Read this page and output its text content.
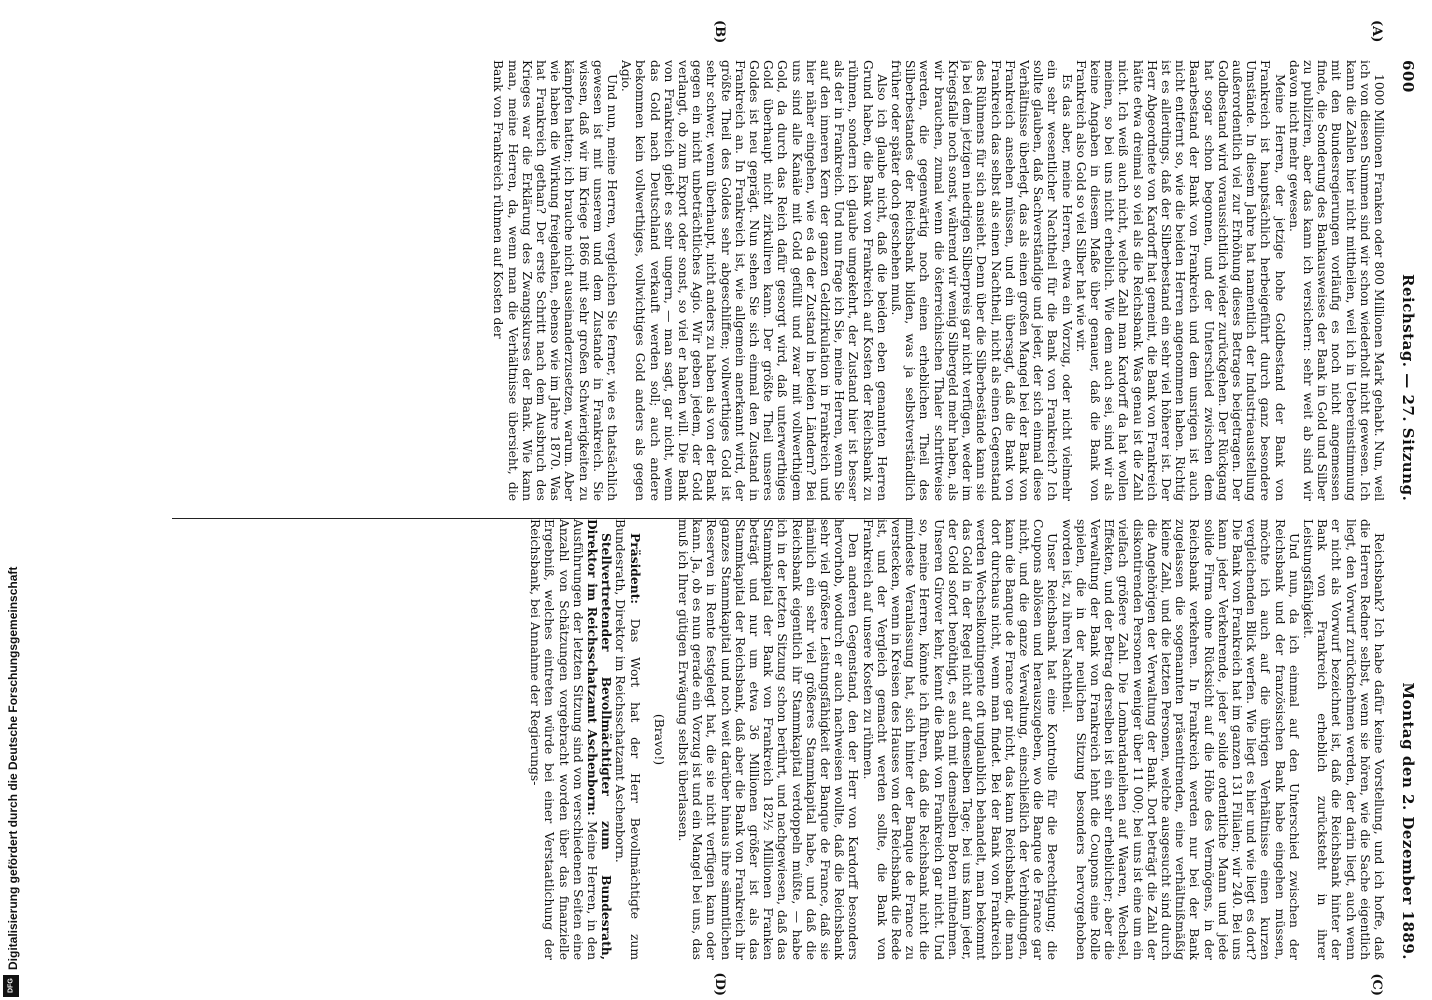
600
Reichstag. — 27. Sitzung.
Montag den 2. Dezember 1889.
(A)
(B)
(C)
(D)

1000 Millionen Franken oder 800 Millionen Mark gehabt. Nun, weil ich von diesen Summen sind wir schon wiederholt nicht gewesen. Ich kann die Zahlen hier nicht mittheilen, weil ich in Uebereinstimmung mit den Bundesregierungen vorläufig es noch nicht angemessen finde, die Sonderung des Bankausweises der Bank in Gold und Silber zu publiziren, aber das kann ich versichern: sehr weit ab sind wir davon nicht mehr gewesen.

Meine Herren, der jetzige hohe Goldbestand der Bank von Frankreich ist hauptsächlich herbeigeführt durch ganz besondere Umstände. In diesem Jahre hat namentlich der Industrieausstellung außerordentlich viel zur Erhöhung dieses Betrages beigetragen. Der Goldbestand wird voraussichtlich wieder zurückgehen. Der Rückgang hat sogar schon begonnen, und der Unterschied zwischen dem Baarbestand der Bank von Frankreich und dem unsrigen ist auch nicht entfernt so, wie die beiden Herren angenommen haben. Richtig ist es allerdings, daß der Silberbestand ein sehr viel höherer ist. Der Herr Abgeordnete von Kardorff hat gemeint, die Bank von Frankreich hätte etwa dreimal so viel als die Reichsbank. Was genau ist die Zahl nicht. Ich weiß auch nicht, welche Zahl man Kardorff da hat wollen meinen, so bei uns nicht erheblich. Wie dem auch sei, sind wir als keine Angaben in diesem Maße über genauer, daß die Bank von Frankreich also Gold so viel Silber hat wie wir.

Es das aber, meine Herren, etwa ein Vorzug, oder nicht vielmehr ein sehr wesentlicher Nachtheil für die Bank von Frankreich? Ich sollte glauben, daß Sachverständige und jeder, der sich einmal diese Verhältnisse überlegt, das als einen großen Mangel bei der Bank von Frankreich ansehen müssen, und ein übersagt, daß die Bank von Frankreich das selbst als einen Nachtheil, nicht als einen Gegenstand des Rühmens für sich ansieht. Denn über die Silberbestände kann sie ja bei dem jetzigen niedrigen Silberpreis gar nicht verfügen, weder im Kriegsfalle noch sonst, während wir wenig Silbergeld mehr haben, als wir brauchen, zumal wenn die österreichischen Thaler schrittweise werden, die gegenwärtig noch einen erheblichen Theil des Silberbestandes der Reichsbank bilden, was ja selbstverständlich früher oder später doch geschehen muß.

Also ich glaube nicht, daß die beiden eben genannten Herren Grund haben, die Bank von Frankreich auf Kosten der Reichsbank zu rühmen, sondern ich glaube umgekehrt, der Zustand hier ist besser als der in Frankreich. Und nun frage ich Sie, meine Herren, wenn Sie auf den inneren Kern der ganzen Geldzirkulation in Frankreich und hier näher eingehen, wie es da der Zustand in beiden Ländern? Bei uns sind alle Kanäle mit Gold gefüllt und zwar mit vollwerthigem Gold, da durch das Reich dafür gesorgt wird, daß unterwerthiges Gold überhaupt nicht zirkuliren kann. Der größte Theil unseres Goldes ist neu geprägt. Nun sehen Sie sich einmal den Zustand in Frankreich an. In Frankreich ist, wie allgemein anerkannt wird, der größte Theil des Goldes sehr abgeschliffen; vollwerthiges Gold ist sehr schwer, wenn überhaupt, nicht anders zu haben als von der Bank gegen ein nicht unbeträchtliches Agio. Wir geben jedem, der Gold verlangt, ob zum Export oder sonst, so viel er haben will. Die Bank von Frankreich giebt es sehr ungern, — man sagt, gar nicht, wenn das Gold nach Deutschland verkauft werden soll; auch andere bekommen kein vollwerthiges, vollwichtiges Gold anders als gegen Agio.

Und nun, meine Herren, vergleichen Sie ferner, wie es thatsächlich gewesen ist mit unserem und dem Zustande in Frankreich. Sie wissen, daß wir im Kriege 1866 mit sehr großen Schwierigkeiten zu kämpfen hatten; ich brauche nicht auseinanderzusetzen, warum. Aber wie haben die Wirkung freigehalten, ebenso wie im Jahre 1870. Was hat Frankreich gethan? Der erste Schritt nach dem Ausbruch des Krieges war die Erklärung des Zwangskurses der Bank. Wie kann man, meine Herren, da, wenn man die Verhältnisse übersieht, die Bank von Frankreich rühmen auf Kosten der

Reichsbank? Ich habe dafür keine Vorstellung, und ich hoffe, daß die Herren Redner selbst, wenn sie hören, wie die Sache eigentlich liegt, den Vorwurf zurücknehmen werden, der darin liegt, auch wenn er nicht als Vorwurf bezeichnet ist, daß die Reichsbank hinter der Bank von Frankreich erheblich zurücksteht in ihrer Leistungsfähigkeit.

Und nun, da ich einmal auf den Unterschied zwischen der Reichsbank und der französischen Bank habe eingehen müssen, möchte ich auch auf die übrigen Verhältnisse einen kurzen vergleichenden Blick werfen. Wie liegt es hier und wie liegt es dort? Die Bank von Frankreich hat im ganzen 131 Filialen; wir 240. Bei uns kann jeder Verkehrende, jeder solide ordentliche Mann und jede solide Firma ohne Rücksicht auf die Höhe des Vermögens, in der Reichsbank verkehren. In Frankreich werden nur bei der Bank zugelassen die sogenannten präsentirenden, eine verhältnißmäßig kleine Zahl, und die letzten Personen, welche ausgesucht sind durch die Angehörigen der Verwaltung der Bank. Dort beträgt die Zahl der diskontirenden Personen weniger über 11 000; bei uns ist eine um ein vielfach größere Zahl. Die Lombardanleihen auf Waaren, Wechsel, Effekten, und der Betrag derselben ist ein sehr erheblicher; aber die Verwaltung der Bank von Frankreich lehnt die Coupons eine Rolle spielen, die in der neulichen Sitzung besonders hervorgehoben worden ist, zu ihren Nachtheil.

Unser Reichsbank hat eine Kontrolle für die Berechtigung; die Coupons ablösen und herauszugeben, wo die Banque de France gar nicht, und die ganze Verwaltung, einschließlich der Verbindungen, kann die Banque de France gar nicht, das kann Reichsbank, die man dort durchaus nicht, wenn man findet. Bei der Bank von Frankreich werden Wechselkontingente oft unglaublich behandelt, man bekommt das Gold in der Regel nicht auf demselben Tage; bei uns kann jeder, der Gold sofort benöthigt, es auch mit demselben Boten mitnehmen. Unseren Girover kehr, kennt die Bank von Frankreich gar nicht. Und so, meine Herren, könnte ich führen, daß die Reichsbank nicht die mindeste Veranlassung hat, sich hinter der Banque de France zu verstecken, wenn in Kreisen des Hauses von der Reichsbank die Rede ist, und der Vergleich gemacht werden sollte, die Bank von Frankreich auf unsere Kosten zu rühmen.

Den anderen Gegenstand, den der Herr von Kardorff besonders hervorhob, wodurch er auch nachweisen wollte, daß die Reichsbank sehr viel größere Leistungsfähigkeit der Banque de France, daß sie nämlich ein sehr viel größeres Stammkapital habe, und daß die Reichsbank eigentlich ihr Stammkapital verdoppeln müßte, — habe ich in der letzten Sitzung schon berührt, und nachgewiesen, daß das Stammkapital der Bank von Frankreich 182½ Millionen Franken beträgt und nur um etwa 36 Millionen größer ist als das Stammkapital der Reichsbank, daß aber die Bank von Frankreich ihr ganzes Stammkapital und noch weit darüber hinaus ihre sämmtlichen Reserven in Rente festgelegt hat, die sie nicht verfügen kann oder kann. Ja, ob es nun gerade ein Vorzug ist und ein Mangel bei uns, das muß ich Ihrer gütigen Erwägung selbst überlassen.

(Bravo!)

Präsident: Das Wort hat der Herr Bevollmächtigte zum Bundesrath, Direktor im Reichsschatzamt Aschenborn.

Stellvertretender Bevollmächtigter zum Bundesrath, Direktor im Reichsschatzamt Aschenborn: Meine Herren, in den Ausführungen der letzten Sitzung sind von verschiedenen Seiten eine Anzahl von Schätzungen vorgebracht worden über das finanzielle Ergebniß, welches eintreten würde bei einer Verstaatlichung der Reichsbank, bei Annahme der Regierungs-

Digitalisierung gefördert durch die Deutsche Forschungsgemeinschaft
DFG
